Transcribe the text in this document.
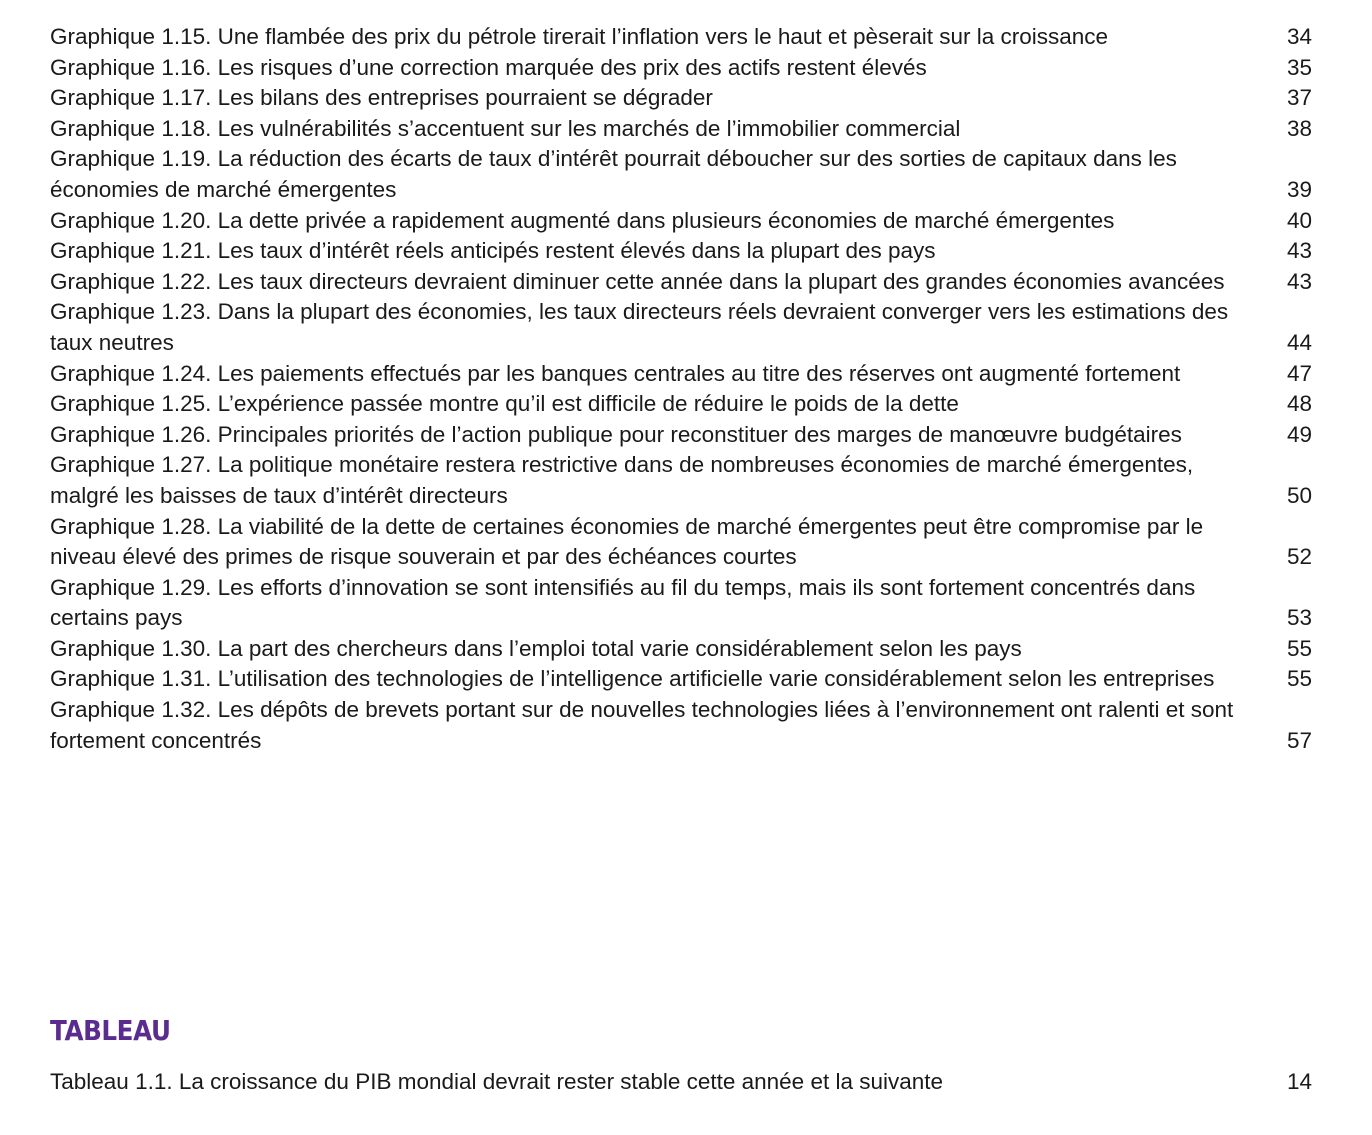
Graphique 1.15. Une flambée des prix du pétrole tirerait l’inflation vers le haut et pèserait sur la croissance	34
Graphique 1.16. Les risques d’une correction marquée des prix des actifs restent élevés	35
Graphique 1.17. Les bilans des entreprises pourraient se dégrader	37
Graphique 1.18. Les vulnérabilités s’accentuent sur les marchés de l’immobilier commercial	38
Graphique 1.19. La réduction des écarts de taux d’intérêt pourrait déboucher sur des sorties de capitaux dans les économies de marché émergentes	39
Graphique 1.20. La dette privée a rapidement augmenté dans plusieurs économies de marché émergentes	40
Graphique 1.21. Les taux d’intérêt réels anticipés restent élevés dans la plupart des pays	43
Graphique 1.22. Les taux directeurs devraient diminuer cette année dans la plupart des grandes économies avancées	43
Graphique 1.23. Dans la plupart des économies, les taux directeurs réels devraient converger vers les estimations des taux neutres	44
Graphique 1.24. Les paiements effectués par les banques centrales au titre des réserves ont augmenté fortement	47
Graphique 1.25. L’expérience passée montre qu’il est difficile de réduire le poids de la dette	48
Graphique 1.26. Principales priorités de l’action publique pour reconstituer des marges de manœuvre budgétaires	49
Graphique 1.27. La politique monétaire restera restrictive dans de nombreuses économies de marché émergentes, malgré les baisses de taux d’intérêt directeurs	50
Graphique 1.28. La viabilité de la dette de certaines économies de marché émergentes peut être compromise par le niveau élevé des primes de risque souverain et par des échéances courtes	52
Graphique 1.29. Les efforts d’innovation se sont intensifiés au fil du temps, mais ils sont fortement concentrés dans certains pays	53
Graphique 1.30. La part des chercheurs dans l’emploi total varie considérablement selon les pays	55
Graphique 1.31. L’utilisation des technologies de l’intelligence artificielle varie considérablement selon les entreprises	55
Graphique 1.32. Les dépôts de brevets portant sur de nouvelles technologies liées à l’environnement ont ralenti et sont fortement concentrés	57
TABLEAU
Tableau 1.1. La croissance du PIB mondial devrait rester stable cette année et la suivante	14
